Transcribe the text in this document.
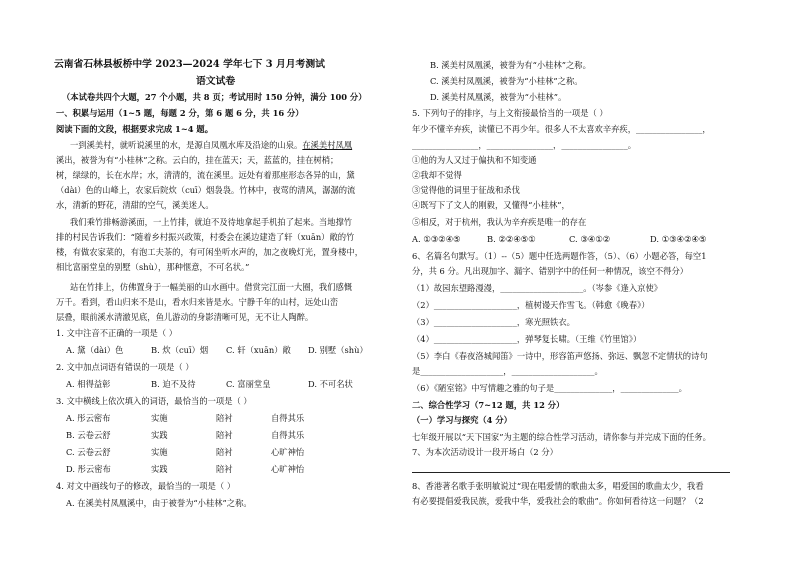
云南省石林县板桥中学 2023—2024 学年七下 3 月月考测试
语文试卷
（本试卷共四个大题，27 个小题，共 8 页；考试用时 150 分钟，满分 100 分）
一、积累与运用（1~5 题，每题 2 分，第 6 题 6 分，共 16 分）
阅读下面的文段，根据要求完成 1~4 题。
一到溪美村，就听说溪里的水，是源自凤凰水库及沿途的山泉。在溪美村凤凰
溪出，被誉为有“小桂林”之称。云白的，挂在蓝天；天，蓝蓝的，挂在树梢；
树，绿绿的，长在水岸；水，清清的，流在溪里。远处有着那座形态各异的山，黛
（dài）色的山峰上，农家后院炊（cuī）烟袅袅。竹林中，夜莺的清风，潺潺的流
水，清新的野花，清甜的空气，溪美迷人。
我们乘竹排畅游溪面，一上竹排，就迫不及待地拿起手机拍了起来。当地撑竹
排的村民告诉我们：“随着乡村振兴政策，村委会在溪边建造了轩（xuān）敞的竹
楼，有做农家菜的，有泡工夫茶的，有可闲坐听水声的，加之夜晚灯光，置身楼中，
相比富丽堂皇的别墅（shù），那种惬意，不可名状。”
站在竹排上，仿佛置身于一幅美丽的山水画中。借赏完江面一大圈，我们感慨
万千。看到，看山归来不是山，看水归来皆是水。宁静千年的山村，远处山峦
层叠，眼前溪水清澈见底，鱼儿游动的身影清晰可见，无不让人陶醉。
1. 文中注音不正确的一项是（ ）
A. 黛（dài）色	B. 炊（cuī）烟 C. 轩（xuān）敞 D. 别墅（shù）
2. 文中加点词语有错误的一项是（ ）
A. 相得益彰	B. 迫不及待	C. 富丽堂皇	D. 不可名状
3. 文中横线上依次填入的词语，最恰当的一项是（ ）
A. 彤云密布	实施	陪衬	自得其乐
B. 云卷云舒	实践	陪衬	自得其乐
C. 云卷云舒	实施	陪衬	心旷神怡
D. 彤云密布	实践	陪衬	心旷神怡
4. 对文中画线句子的修改，最恰当的一项是（ ）
A. 在溪美村凤凰溪中，由于被誉为“小桂林”之称。
B. 溪美村凤凰溪，被誉为有“小桂林”之称。
C. 溪美村凤凰溪，被誉为“小桂林”之称。
D. 溪美村凤凰溪，被誉为“小桂林”。
5. 下列句子的排序，与上文衔接最恰当的一项是（ ）
年少不懂辛弃疾，读懂已不再少年。很多人不太喜欢辛弃疾，________________，
________________，________________，________________。
①他的为人又过于偏执和不知变通
②我却不觉得
③觉得他的词里于征战和杀伐
④既写下了文人的刚毅，又懂得“小桂林”，
⑤相反，对于杭州，我认为辛弃疾是唯一的存在
A. ①③②④⑤	B. ②②④⑤①	C. ③④①②	D. ①③④②④⑤
6、名篇名句默写。（1）--（5）题中任选两题作答，（5）、（6）小题必答，每空1
分，共 6 分。凡出现加字、漏字、错别字中的任何一种情况，该空不得分）
（1）故园东望路漫漫，____________________。（岑参《逢入京使》
（2）____________________，植树谩天作雪飞。（韩愈《晚春》）
（3）____________________，寒光照铁衣。
（4）____________________，弹琴复长啸。（王维《竹里馆》）
（5）李白《春夜洛城闻笛》一诗中，形容笛声悠扬、弥远、飘忽不定情状的诗句
是____________________，____________________。
（6）《陋室铭》中写情趣之雅的句子是______________，______________。
二、综合性学习（7~12 题，共 12 分）
（一）学习与探究（4 分）
七年级开展以“天下国家”为主题的综合性学习活动，请你参与并完成下面的任务。
7、为本次活动设计一段开场白（2 分）
8、香港著名歌手张明敏说过“现在唱爱情的歌曲太多，唱爱国的歌曲太少，我看
有必要提倡爱我民族，爱我中华，爱我社会的歌曲”。你如何看待这一问题？（2
